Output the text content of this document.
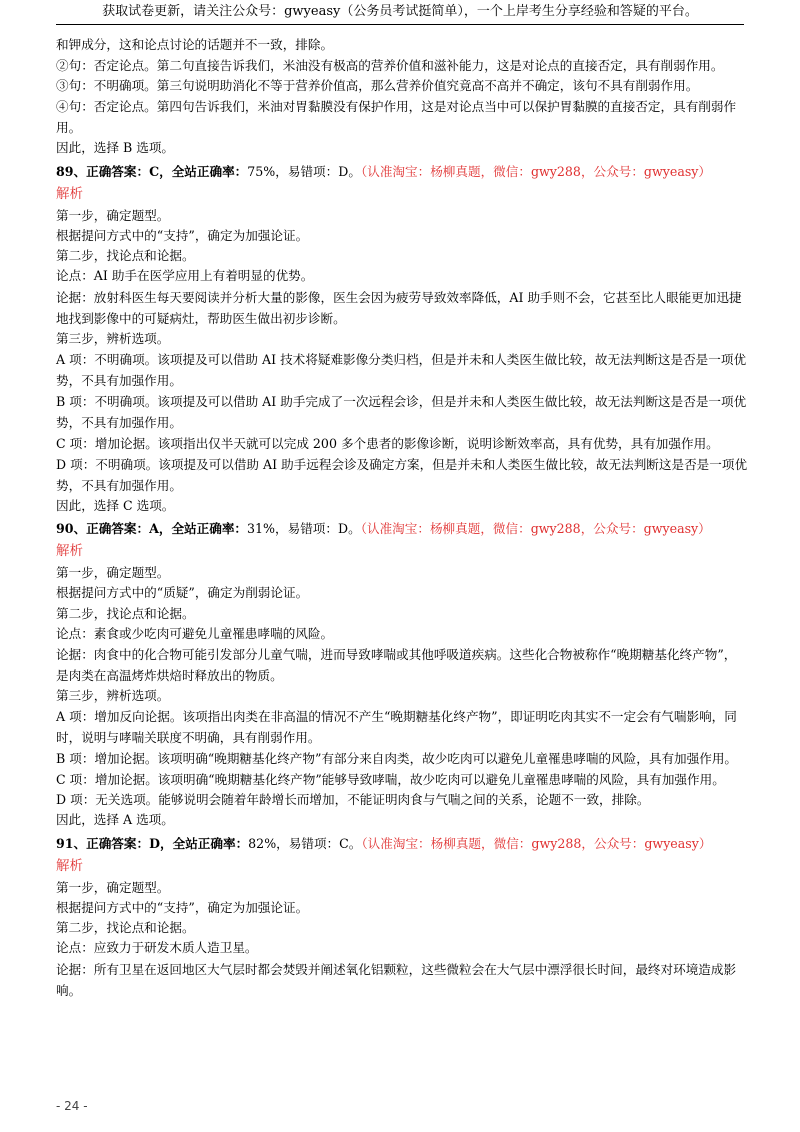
获取试卷更新，请关注公众号：gwyeasy（公务员考试挺简单），一个上岸考生分享经验和答疑的平台。

和钾成分，这和论点讨论的话题并不一致，排除。

②句：否定论点。第二句直接告诉我们，米油没有极高的营养价值和滋补能力，这是对论点的直接否定，具有削弱作用。

③句：不明确项。第三句说明助消化不等于营养价值高，那么营养价值究竟高不高并不确定，该句不具有削弱作用。

④句：否定论点。第四句告诉我们，米油对胃黏膜没有保护作用，这是对论点当中可以保护胃黏膜的直接否定，具有削弱作用。

因此，选择 B 选项。

89、正确答案：C，全站正确率：75%，易错项：D。（认准淘宝：杨柳真题，微信：gwy288，公众号：gwyeasy）

解析

第一步，确定题型。

根据提问方式中的“支持”，确定为加强论证。

第二步，找论点和论据。

论点：AI 助手在医学应用上有着明显的优势。

论据：放射科医生每天要阅读并分析大量的影像，医生会因为疲劳导致效率降低，AI 助手则不会，它甚至比人眼能更加迅捷地找到影像中的可疑病灶，帮助医生做出初步诊断。

第三步，辨析选项。

A 项：不明确项。该项提及可以借助 AI 技术将疑难影像分类归档，但是并未和人类医生做比较，故无法判断这是否是一项优势，不具有加强作用。

B 项：不明确项。该项提及可以借助 AI 助手完成了一次远程会诊，但是并未和人类医生做比较，故无法判断这是否是一项优势，不具有加强作用。

C 项：增加论据。该项指出仅半天就可以完成 200 多个患者的影像诊断，说明诊断效率高，具有优势，具有加强作用。

D 项：不明确项。该项提及可以借助 AI 助手远程会诊及确定方案，但是并未和人类医生做比较，故无法判断这是否是一项优势，不具有加强作用。

因此，选择 C 选项。

90、正确答案：A，全站正确率：31%，易错项：D。（认准淘宝：杨柳真题，微信：gwy288，公众号：gwyeasy）

解析

第一步，确定题型。

根据提问方式中的“质疑”，确定为削弱论证。

第二步，找论点和论据。

论点：素食或少吃肉可避免儿童罹患哮喘的风险。

论据：肉食中的化合物可能引发部分儿童气喘，进而导致哮喘或其他呼吸道疾病。这些化合物被称作“晚期糖基化终产物”，是肉类在高温烤炸烘焙时释放出的物质。

第三步，辨析选项。

A 项：增加反向论据。该项指出肉类在非高温的情况不产生“晚期糖基化终产物”，即证明吃肉其实不一定会有气喘影响，同时，说明与哮喘关联度不明确，具有削弱作用。

B 项：增加论据。该项明确“晚期糖基化终产物”有部分来自肉类，故少吃肉可以避免儿童罹患哮喘的风险，具有加强作用。

C 项：增加论据。该项明确“晚期糖基化终产物”能够导致哮喘，故少吃肉可以避免儿童罹患哮喘的风险，具有加强作用。

D 项：无关选项。能够说明会随着年龄增长而增加，不能证明肉食与气喘之间的关系，论题不一致，排除。

因此，选择 A 选项。

91、正确答案：D，全站正确率：82%，易错项：C。（认准淘宝：杨柳真题，微信：gwy288，公众号：gwyeasy）

解析

第一步，确定题型。

根据提问方式中的“支持”，确定为加强论证。

第二步，找论点和论据。

论点：应致力于研发木质人造卫星。

论据：所有卫星在返回地区大气层时都会焚毁并阐述氧化铝颗粒，这些微粒会在大气层中漂浮很长时间，最终对环境造成影响。

- 24 -
